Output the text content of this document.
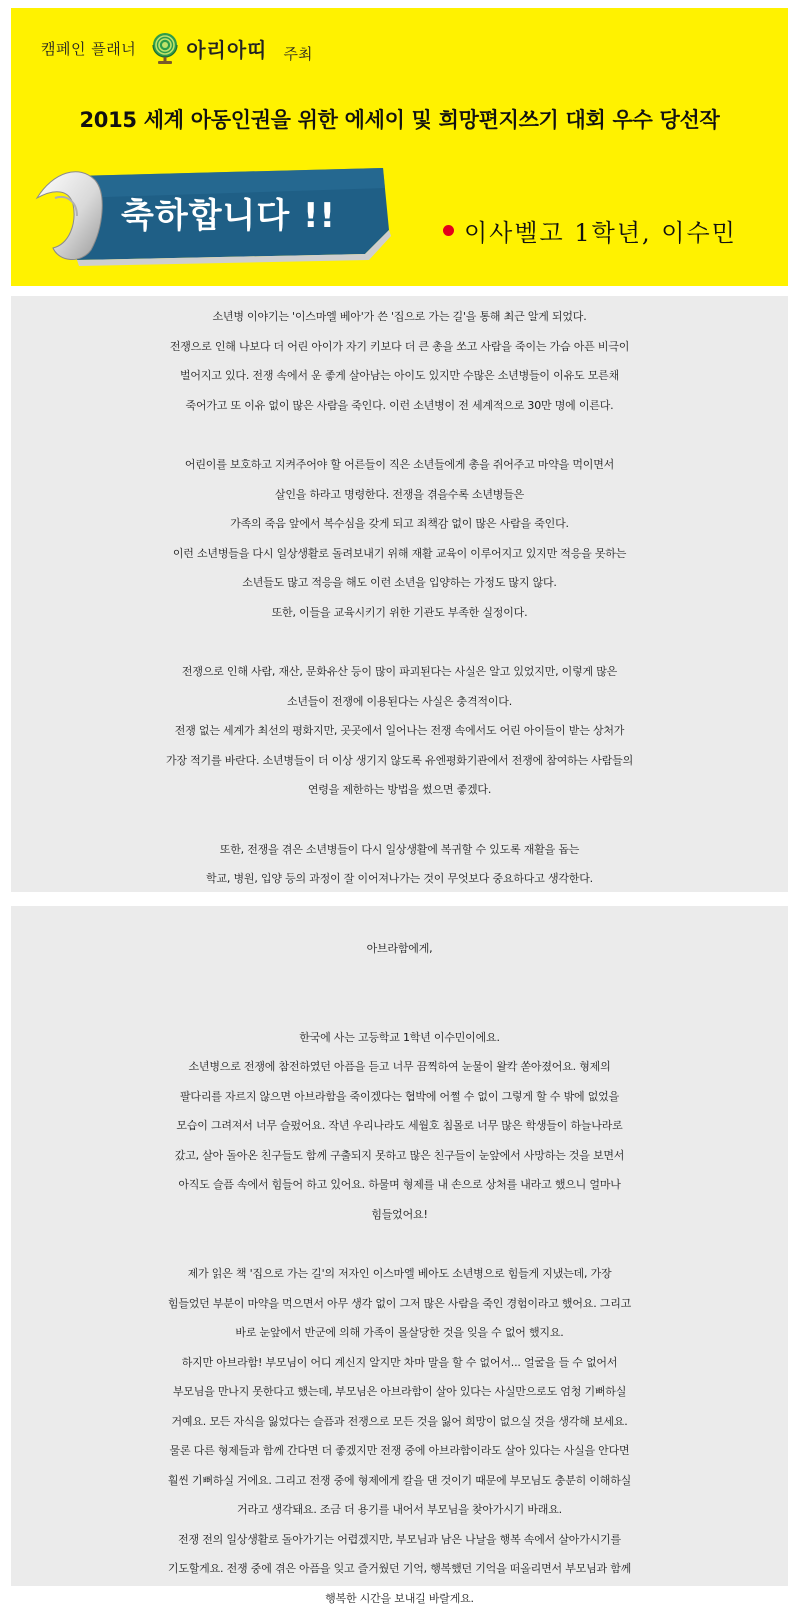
캠페인 플래너	아리아띠 주최
2015 세계 아동인권을 위한 에세이 및 희망편지쓰기 대회 우수 당선작
축하합니다 !!	이사벨고 1학년, 이수민
소년병 이야기는 '이스마엘 베아'가 쓴 '집으로 가는 길'을 통해 최근 알게 되었다.
전쟁으로 인해 나보다 더 어린 아이가 자기 키보다 더 큰 총을 쏘고 사람을 죽이는 가슴 아픈 비극이
벌어지고 있다. 전쟁 속에서 운 좋게 살아남는 아이도 있지만 수많은 소년병들이 이유도 모른채
죽어가고 또 이유 없이 많은 사람을 죽인다. 이런 소년병이 전 세계적으로 30만 명에 이른다.
어린이를 보호하고 지켜주어야 할 어른들이 직은 소년들에게 총을 쥐어주고 마약을 먹이면서
살인을 하라고 명령한다. 전쟁을 겪을수록 소년병들은
가족의 죽음 앞에서 복수심을 갖게 되고 죄책감 없이 많은 사람을 죽인다.
이런 소년병들을 다시 일상생활로 돌려보내기 위해 재활 교육이 이루어지고 있지만 적응을 못하는
소년들도 많고 적응을 해도 이런 소년을 입양하는 가정도 많지 않다.
또한, 이들을 교육시키기 위한 기관도 부족한 실정이다.
전쟁으로 인해 사람, 재산, 문화유산 등이 많이 파괴된다는 사실은 알고 있었지만, 이렇게 많은
소년들이 전쟁에 이용된다는 사실은 충격적이다.
전쟁 없는 세계가 최선의 평화지만, 곳곳에서 일어나는 전쟁 속에서도 어린 아이들이 받는 상처가
가장 적기를 바란다. 소년병들이 더 이상 생기지 않도록 유엔평화기관에서 전쟁에 참여하는 사람들의
연령을 제한하는 방법을 썼으면 좋겠다.
또한, 전쟁을 겪은 소년병들이 다시 일상생활에 복귀할 수 있도록 재활을 돕는
학교, 병원, 입양 등의 과정이 잘 이어져나가는 것이 무엇보다 중요하다고 생각한다.
아브라함에게,
한국에 사는 고등학교 1학년 이수민이에요.
소년병으로 전쟁에 참전하였던 아픔을 듣고 너무 끔찍하여 눈물이 왈칵 쏟아졌어요. 형제의
팔다리를 자르지 않으면 아브라함을 죽이겠다는 협박에 어쩔 수 없이 그렇게 할 수 밖에 없었을
모습이 그려져서 너무 슬펐어요. 작년 우리나라도 세월호 침몰로 너무 많은 학생들이 하늘나라로
갔고, 살아 돌아온 친구들도 함께 구출되지 못하고 많은 친구들이 눈앞에서 사망하는 것을 보면서
아직도 슬픔 속에서 힘들어 하고 있어요. 하물며 형제를 내 손으로 상처를 내라고 했으니 얼마나
힘들었어요!
제가 읽은 책 '집으로 가는 길'의 저자인 이스마엘 베아도 소년병으로 힘들게 지냈는데, 가장
힘들었던 부분이 마약을 먹으면서 아무 생각 없이 그저 많은 사람을 죽인 경험이라고 했어요. 그리고
바로 눈앞에서 반군에 의해 가족이 몰살당한 것을 잊을 수 없어 했지요.
하지만 아브라함! 부모님이 어디 계신지 알지만 차마 말을 할 수 없어서... 얼굴을 들 수 없어서
부모님을 만나지 못한다고 했는데, 부모님은 아브라함이 살아 있다는 사실만으로도 엄청 기뻐하실
거예요. 모든 자식을 잃었다는 슬픔과 전쟁으로 모든 것을 잃어 희망이 없으실 것을 생각해 보세요.
물론 다른 형제들과 함께 간다면 더 좋겠지만 전쟁 중에 아브라함이라도 살아 있다는 사실을 안다면
훨씬 기뻐하실 거에요. 그리고 전쟁 중에 형제에게 칼을 댄 것이기 때문에 부모님도 충분히 이해하실
거라고 생각돼요. 조금 더 용기를 내어서 부모님을 찾아가시기 바래요.
전쟁 전의 일상생활로 돌아가기는 어렵겠지만, 부모님과 남은 나날을 행복 속에서 살아가시기를
기도할게요. 전쟁 중에 겪은 아픔을 잊고 즐거웠던 기억, 행복했던 기억을 떠올리면서 부모님과 함께
행복한 시간을 보내길 바랄게요.
